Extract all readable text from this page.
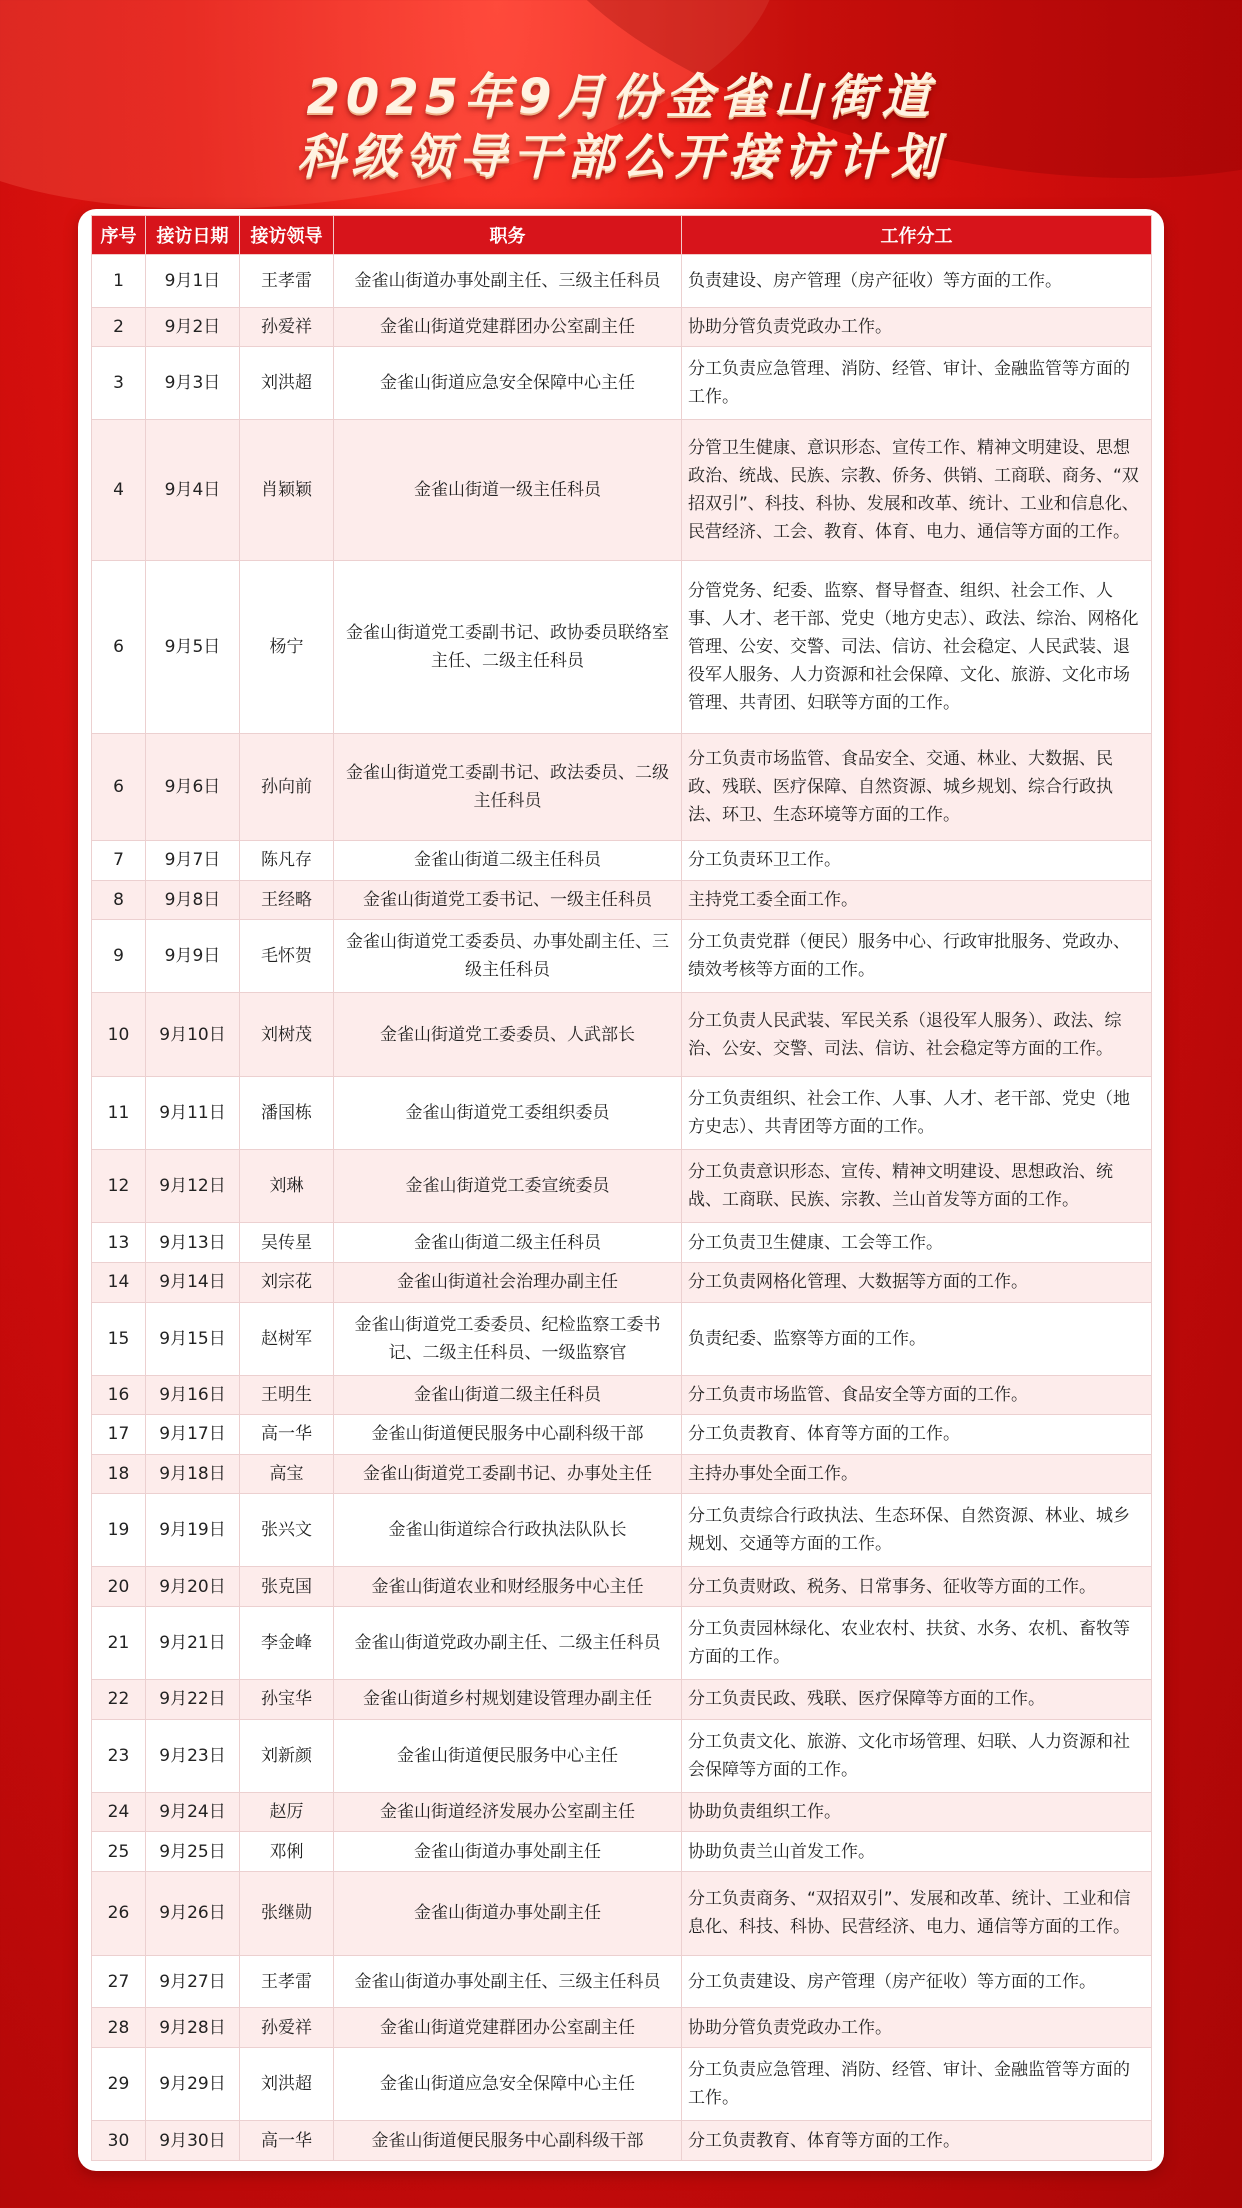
2025年9月份金雀山街道
科级领导干部公开接访计划
序号	接访日期	接访领导	职务	工作分工
1	9月1日	王孝雷	金雀山街道办事处副主任、三级主任科员	负责建设、房产管理（房产征收）等方面的工作。
2	9月2日	孙爱祥	金雀山街道党建群团办公室副主任	协助分管负责党政办工作。
3	9月3日	刘洪超	金雀山街道应急安全保障中心主任	分工负责应急管理、消防、经管、审计、金融监管等方面的工作。
4	9月4日	肖颖颖	金雀山街道一级主任科员	分管卫生健康、意识形态、宣传工作、精神文明建设、思想政治、统战、民族、宗教、侨务、供销、工商联、商务、“双招双引”、科技、科协、发展和改革、统计、工业和信息化、民营经济、工会、教育、体育、电力、通信等方面的工作。
6	9月5日	杨宁	金雀山街道党工委副书记、政协委员联络室主任、二级主任科员	分管党务、纪委、监察、督导督查、组织、社会工作、人事、人才、老干部、党史（地方史志）、政法、综治、网格化管理、公安、交警、司法、信访、社会稳定、人民武装、退役军人服务、人力资源和社会保障、文化、旅游、文化市场管理、共青团、妇联等方面的工作。
6	9月6日	孙向前	金雀山街道党工委副书记、政法委员、二级主任科员	分工负责市场监管、食品安全、交通、林业、大数据、民政、残联、医疗保障、自然资源、城乡规划、综合行政执法、环卫、生态环境等方面的工作。
7	9月7日	陈凡存	金雀山街道二级主任科员	分工负责环卫工作。
8	9月8日	王经略	金雀山街道党工委书记、一级主任科员	主持党工委全面工作。
9	9月9日	毛怀贺	金雀山街道党工委委员、办事处副主任、三级主任科员	分工负责党群（便民）服务中心、行政审批服务、党政办、绩效考核等方面的工作。
10	9月10日	刘树茂	金雀山街道党工委委员、人武部长	分工负责人民武装、军民关系（退役军人服务）、政法、综治、公安、交警、司法、信访、社会稳定等方面的工作。
11	9月11日	潘国栋	金雀山街道党工委组织委员	分工负责组织、社会工作、人事、人才、老干部、党史（地方史志）、共青团等方面的工作。
12	9月12日	刘琳	金雀山街道党工委宣统委员	分工负责意识形态、宣传、精神文明建设、思想政治、统战、工商联、民族、宗教、兰山首发等方面的工作。
13	9月13日	吴传星	金雀山街道二级主任科员	分工负责卫生健康、工会等工作。
14	9月14日	刘宗花	金雀山街道社会治理办副主任	分工负责网格化管理、大数据等方面的工作。
15	9月15日	赵树军	金雀山街道党工委委员、纪检监察工委书记、二级主任科员、一级监察官	负责纪委、监察等方面的工作。
16	9月16日	王明生	金雀山街道二级主任科员	分工负责市场监管、食品安全等方面的工作。
17	9月17日	高一华	金雀山街道便民服务中心副科级干部	分工负责教育、体育等方面的工作。
18	9月18日	高宝	金雀山街道党工委副书记、办事处主任	主持办事处全面工作。
19	9月19日	张兴文	金雀山街道综合行政执法队队长	分工负责综合行政执法、生态环保、自然资源、林业、城乡规划、交通等方面的工作。
20	9月20日	张克国	金雀山街道农业和财经服务中心主任	分工负责财政、税务、日常事务、征收等方面的工作。
21	9月21日	李金峰	金雀山街道党政办副主任、二级主任科员	分工负责园林绿化、农业农村、扶贫、水务、农机、畜牧等方面的工作。
22	9月22日	孙宝华	金雀山街道乡村规划建设管理办副主任	分工负责民政、残联、医疗保障等方面的工作。
23	9月23日	刘新颜	金雀山街道便民服务中心主任	分工负责文化、旅游、文化市场管理、妇联、人力资源和社会保障等方面的工作。
24	9月24日	赵厉	金雀山街道经济发展办公室副主任	协助负责组织工作。
25	9月25日	邓俐	金雀山街道办事处副主任	协助负责兰山首发工作。
26	9月26日	张继勋	金雀山街道办事处副主任	分工负责商务、“双招双引”、发展和改革、统计、工业和信息化、科技、科协、民营经济、电力、通信等方面的工作。
27	9月27日	王孝雷	金雀山街道办事处副主任、三级主任科员	分工负责建设、房产管理（房产征收）等方面的工作。
28	9月28日	孙爱祥	金雀山街道党建群团办公室副主任	协助分管负责党政办工作。
29	9月29日	刘洪超	金雀山街道应急安全保障中心主任	分工负责应急管理、消防、经管、审计、金融监管等方面的工作。
30	9月30日	高一华	金雀山街道便民服务中心副科级干部	分工负责教育、体育等方面的工作。
